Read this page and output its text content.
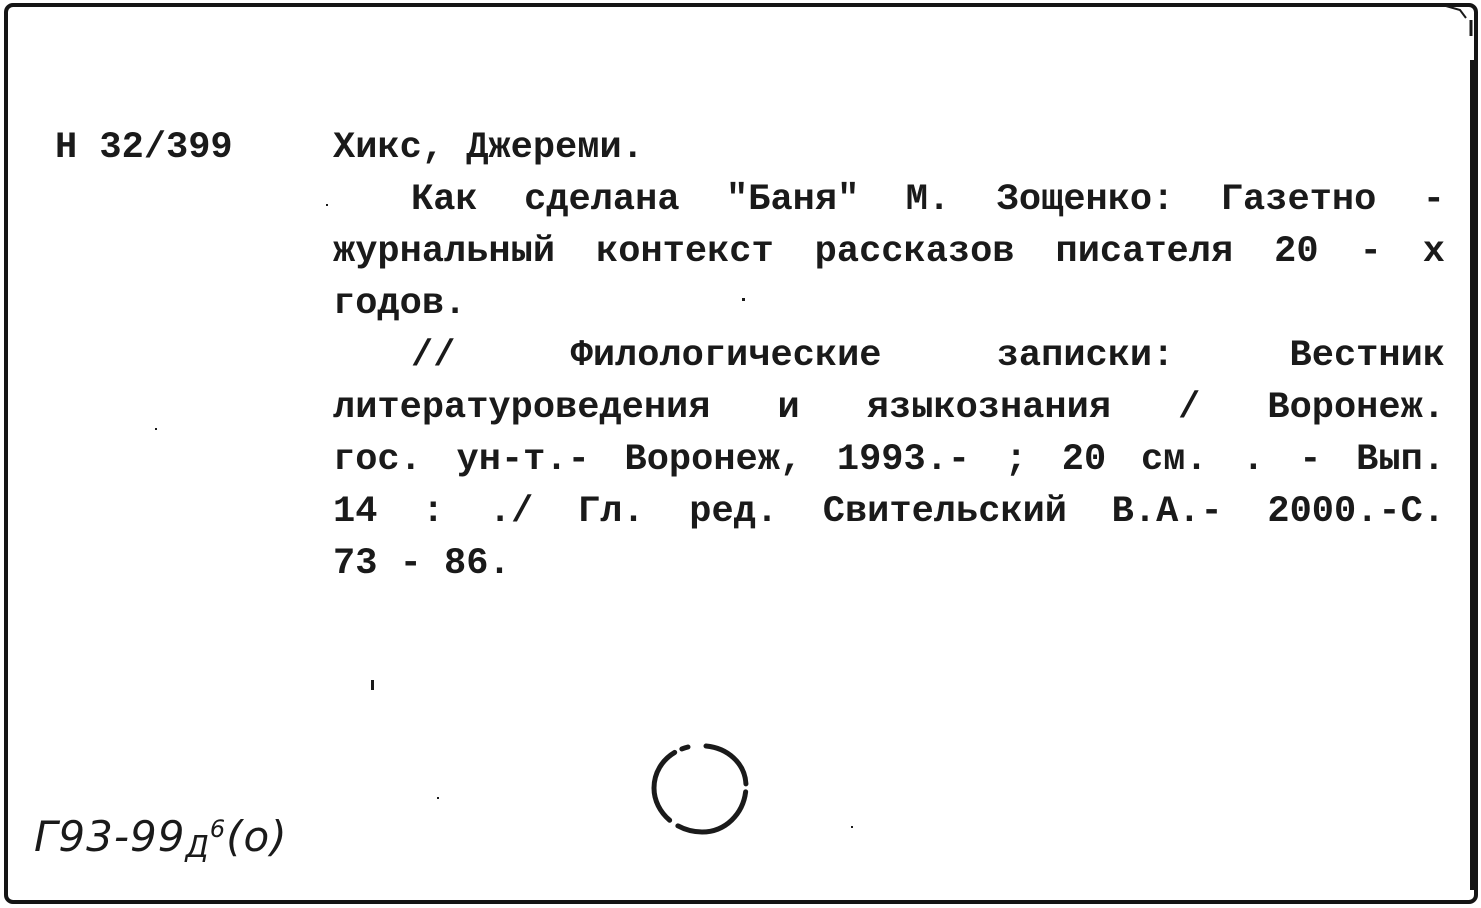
Н 32/399	Хикс, Джереми.
Как сделана "Баня" М. Зощенко: Газетно -
журнальный контекст рассказов писателя 20 - х
годов.
// Филологические записки: Вестник
литературоведения и языкознания / Воронеж.
гос. ун-т.- Воронеж, 1993.- ; 20 см. . - Вып.
14 : ./ Гл. ред. Свительский В.А.- 2000.-С.
73 - 86.
$Г93-99_Д^6(о)$
